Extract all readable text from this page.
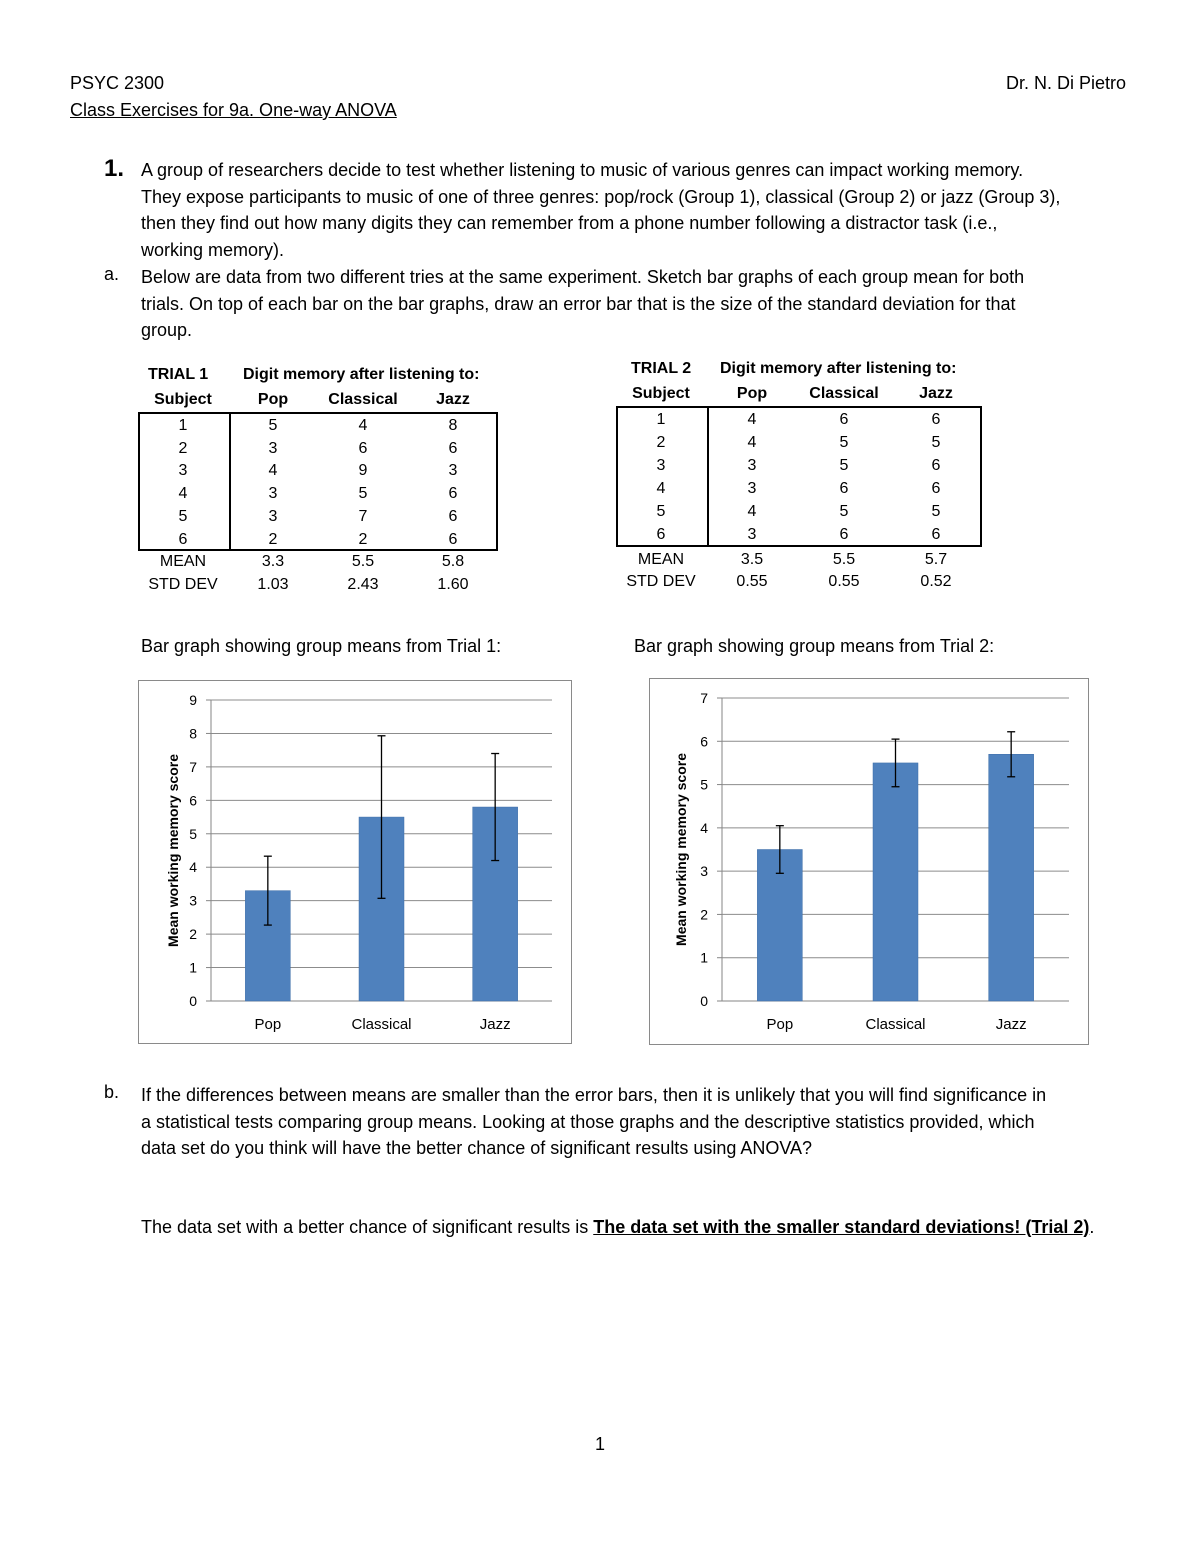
PSYC 2300	Dr. N. Di Pietro
Class Exercises for 9a. One-way ANOVA
1. A group of researchers decide to test whether listening to music of various genres can impact working memory. They expose participants to music of one of three genres: pop/rock (Group 1), classical (Group 2) or jazz (Group 3), then they find out how many digits they can remember from a phone number following a distractor task (i.e., working memory).
a. Below are data from two different tries at the same experiment. Sketch bar graphs of each group mean for both trials. On top of each bar on the bar graphs, draw an error bar that is the size of the standard deviation for that group.
TRIAL 1 Digit memory after listening to:
Subject	Pop	Classical	Jazz
1	5	4	8
2	3	6	6
3	4	9	3
4	3	5	6
5	3	7	6
6	2	2	6
MEAN	3.3	5.5	5.8
STD DEV	1.03	2.43	1.60
TRIAL 2 Digit memory after listening to:
Subject	Pop	Classical	Jazz
1	4	6	6
2	4	5	5
3	3	5	6
4	3	6	6
5	4	5	5
6	3	6	6
MEAN	3.5	5.5	5.7
STD DEV	0.55	0.55	0.52
Bar graph showing group means from Trial 1:	Bar graph showing group means from Trial 2:
0
1
2
3
4
5
6
7
8
9
Pop	Classical	Jazz
Mean working memory score
0
1
2
3
4
5
6
7
Pop	Classical	Jazz
Mean working memory score
b. If the differences between means are smaller than the error bars, then it is unlikely that you will find significance in a statistical tests comparing group means. Looking at those graphs and the descriptive statistics provided, which data set do you think will have the better chance of significant results using ANOVA?
The data set with a better chance of significant results is The data set with the smaller standard deviations! (Trial 2).
1
